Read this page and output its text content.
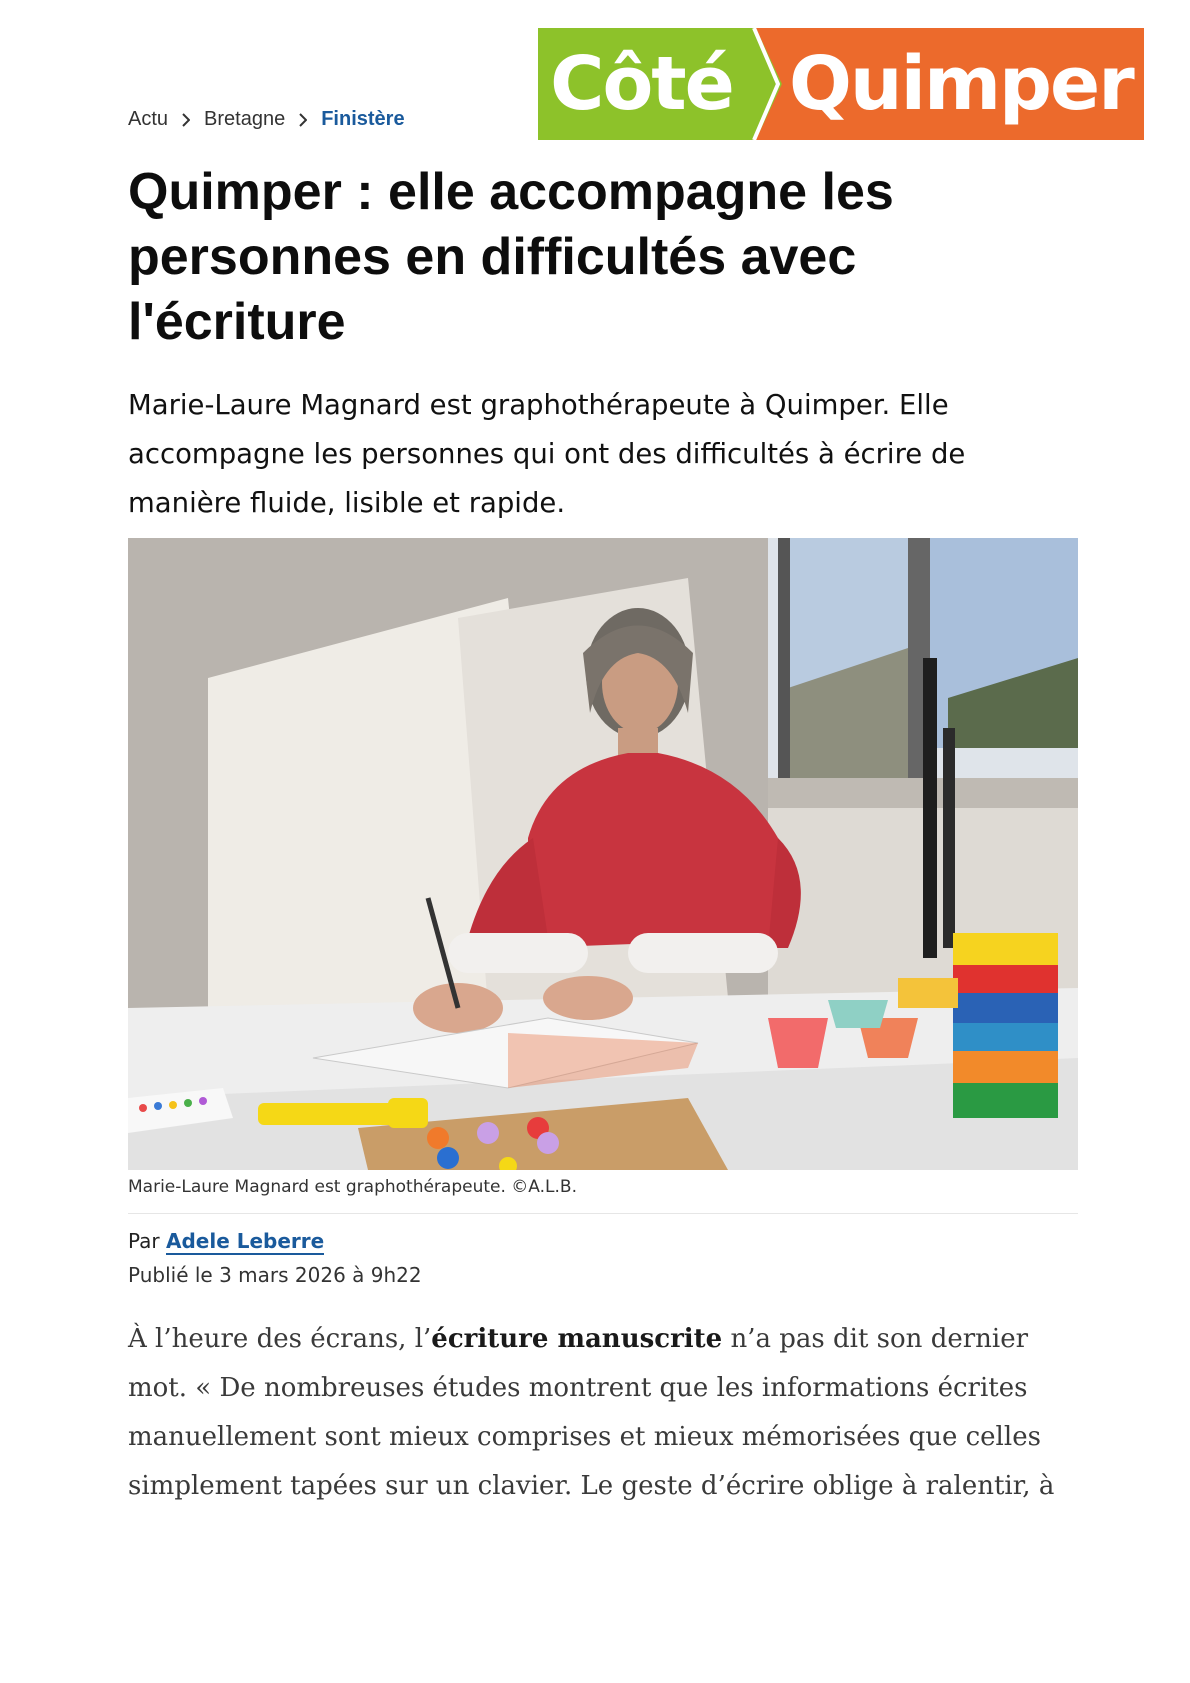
Côté Quimper
Actu Bretagne Finistère
Quimper : elle accompagne les personnes en difficultés avec l'écriture

Marie-Laure Magnard est graphothérapeute à Quimper. Elle accompagne les personnes qui ont des difficultés à écrire de manière fluide, lisible et rapide.

Marie-Laure Magnard est graphothérapeute. ©A.L.B.
Par Adele Leberre
Publié le 3 mars 2026 à 9h22

À l’heure des écrans, l’écriture manuscrite n’a pas dit son dernier mot. « De nombreuses études montrent que les informations écrites manuellement sont mieux comprises et mieux mémorisées que celles simplement tapées sur un clavier. Le geste d’écrire oblige à ralentir, à
